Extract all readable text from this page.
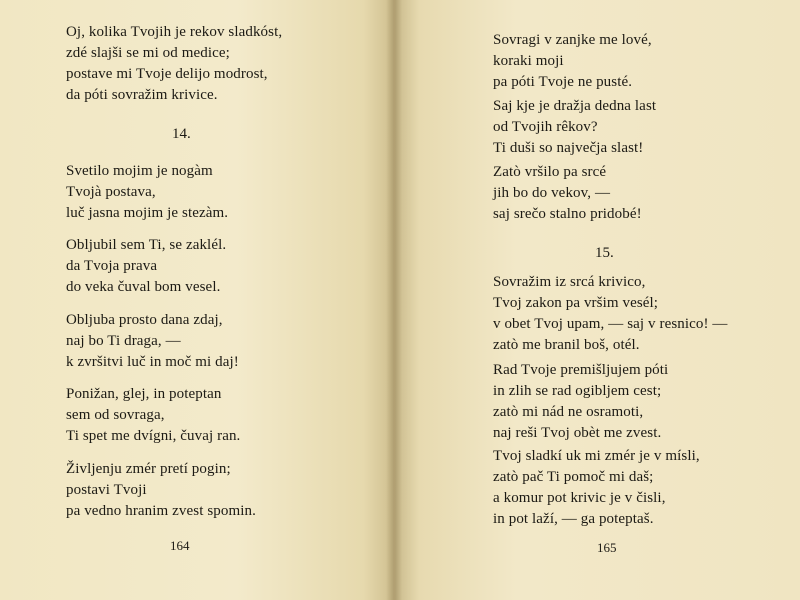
Oj, kolika Tvojih je rekov sladkóst,
zdé slajši se mi od medice;
postave mi Tvoje delijo modrost,
da póti sovražim krivice.
14.
Svetilo mojim je nogàm
Tvojà postava,
luč jasna mojim je stezàm.
Obljubil sem Ti, se zaklél.
da Tvoja prava
do veka čuval bom vesel.
Obljuba prosto dana zdaj,
naj bo Ti draga, —
k zvršitvi luč in moč mi daj!
Ponižan, glej, in poteptan
sem od sovraga,
Ti spet me dvígni, čuvaj ran.
Življenju zmér pretí pogin;
postavi Tvoji
pa vedno hranim zvest spomin.
164
Sovragi v zanjke me lové,
koraki moji
pa póti Tvoje ne pusté.
Saj kje je dražja dedna last
od Tvojih rêkov?
Ti duši so največja slast!
Zatò vršilo pa srcé
jih bo do vekov, —
saj srečo stalno pridobé!
15.
Sovražim iz srcá krivico,
Tvoj zakon pa vršim vesél;
v obet Tvoj upam, — saj v resnico! —
zatò me branil boš, otél.
Rad Tvoje premišljujem póti
in zlih se rad ogibljem cest;
zatò mi nád ne osramoti,
naj reši Tvoj obèt me zvest.
Tvoj sladkí uk mi zmér je v mísli,
zatò pač Ti pomoč mi daš;
a komur pot krivic je v čisli,
in pot laží, — ga poteptaš.
165
